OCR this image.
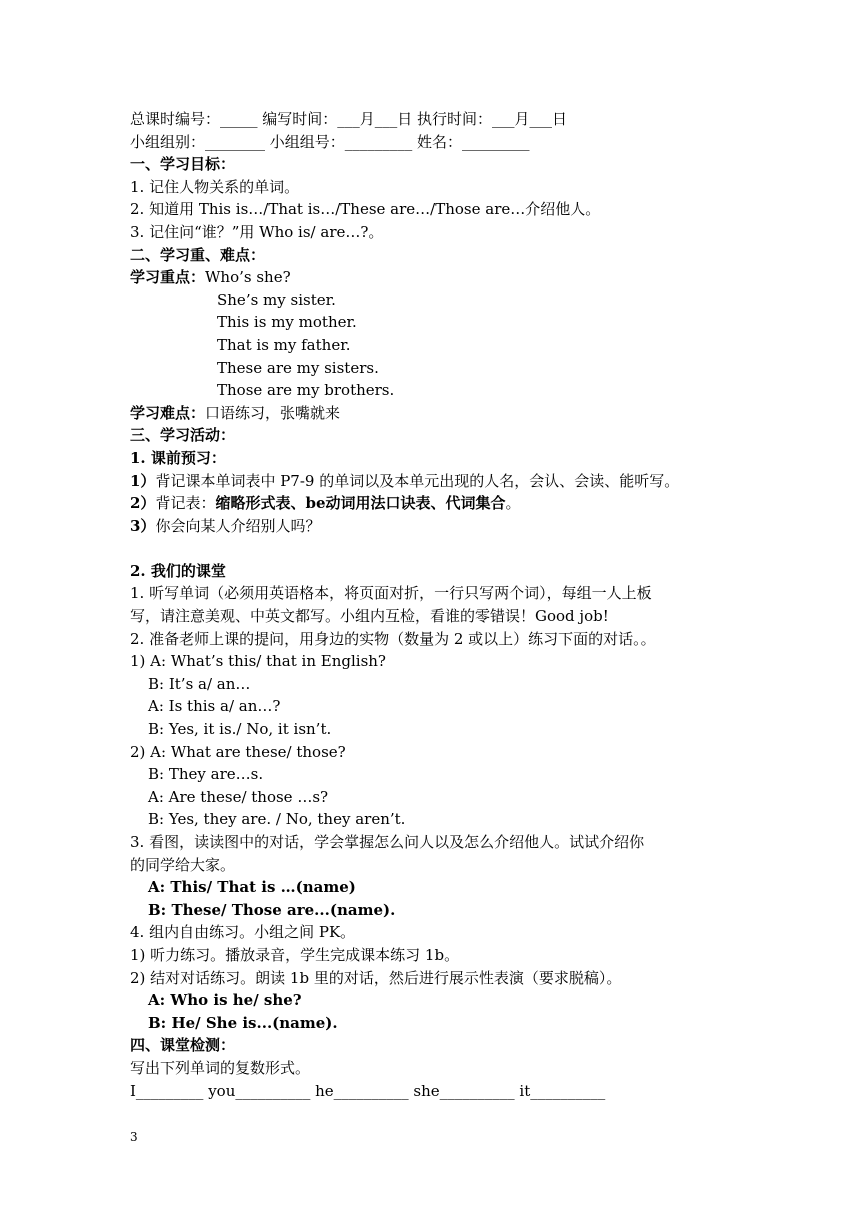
总课时编号：_____ 编写时间：___月___日 执行时间：___月___日
小组组别：________ 小组组号：_________ 姓名：_________
一、学习目标：
1. 记住人物关系的单词。
2. 知道用 This is…/That is…/These are…/Those are…介绍他人。
3. 记住问“谁？”用 Who is/ are…?。
二、学习重、难点：
学习重点：Who’s she?
She’s my sister.
This is my mother.
That is my father.
These are my sisters.
Those are my brothers.
学习难点：口语练习，张嘴就来
三、学习活动：
1. 课前预习：
1）背记课本单词表中 P7-9 的单词以及本单元出现的人名，会认、会读、能听写。
2）背记表：缩略形式表、be动词用法口诀表、代词集合。
3）你会向某人介绍别人吗？
2. 我们的课堂
1. 听写单词（必须用英语格本，将页面对折，一行只写两个词），每组一人上板
写，请注意美观、中英文都写。小组内互检，看谁的零错误！Good job!
2. 准备老师上课的提问，用身边的实物（数量为 2 或以上）练习下面的对话。。
1) A: What’s this/ that in English?
B: It’s a/ an…
A: Is this a/ an…?
B: Yes, it is./ No, it isn’t.
2) A: What are these/ those?
B: They are…s.
A: Are these/ those …s?
B: Yes, they are. / No, they aren’t.
3. 看图，读读图中的对话，学会掌握怎么问人以及怎么介绍他人。试试介绍你
的同学给大家。
A: This/ That is …(name)
B: These/ Those are...(name).
4. 组内自由练习。小组之间 PK。
1) 听力练习。播放录音，学生完成课本练习 1b。
2) 结对对话练习。朗读 1b 里的对话，然后进行展示性表演（要求脱稿）。
A: Who is he/ she?
B: He/ She is...(name).
四、课堂检测：
写出下列单词的复数形式。
I_________ you__________ he__________ she__________ it__________
3
